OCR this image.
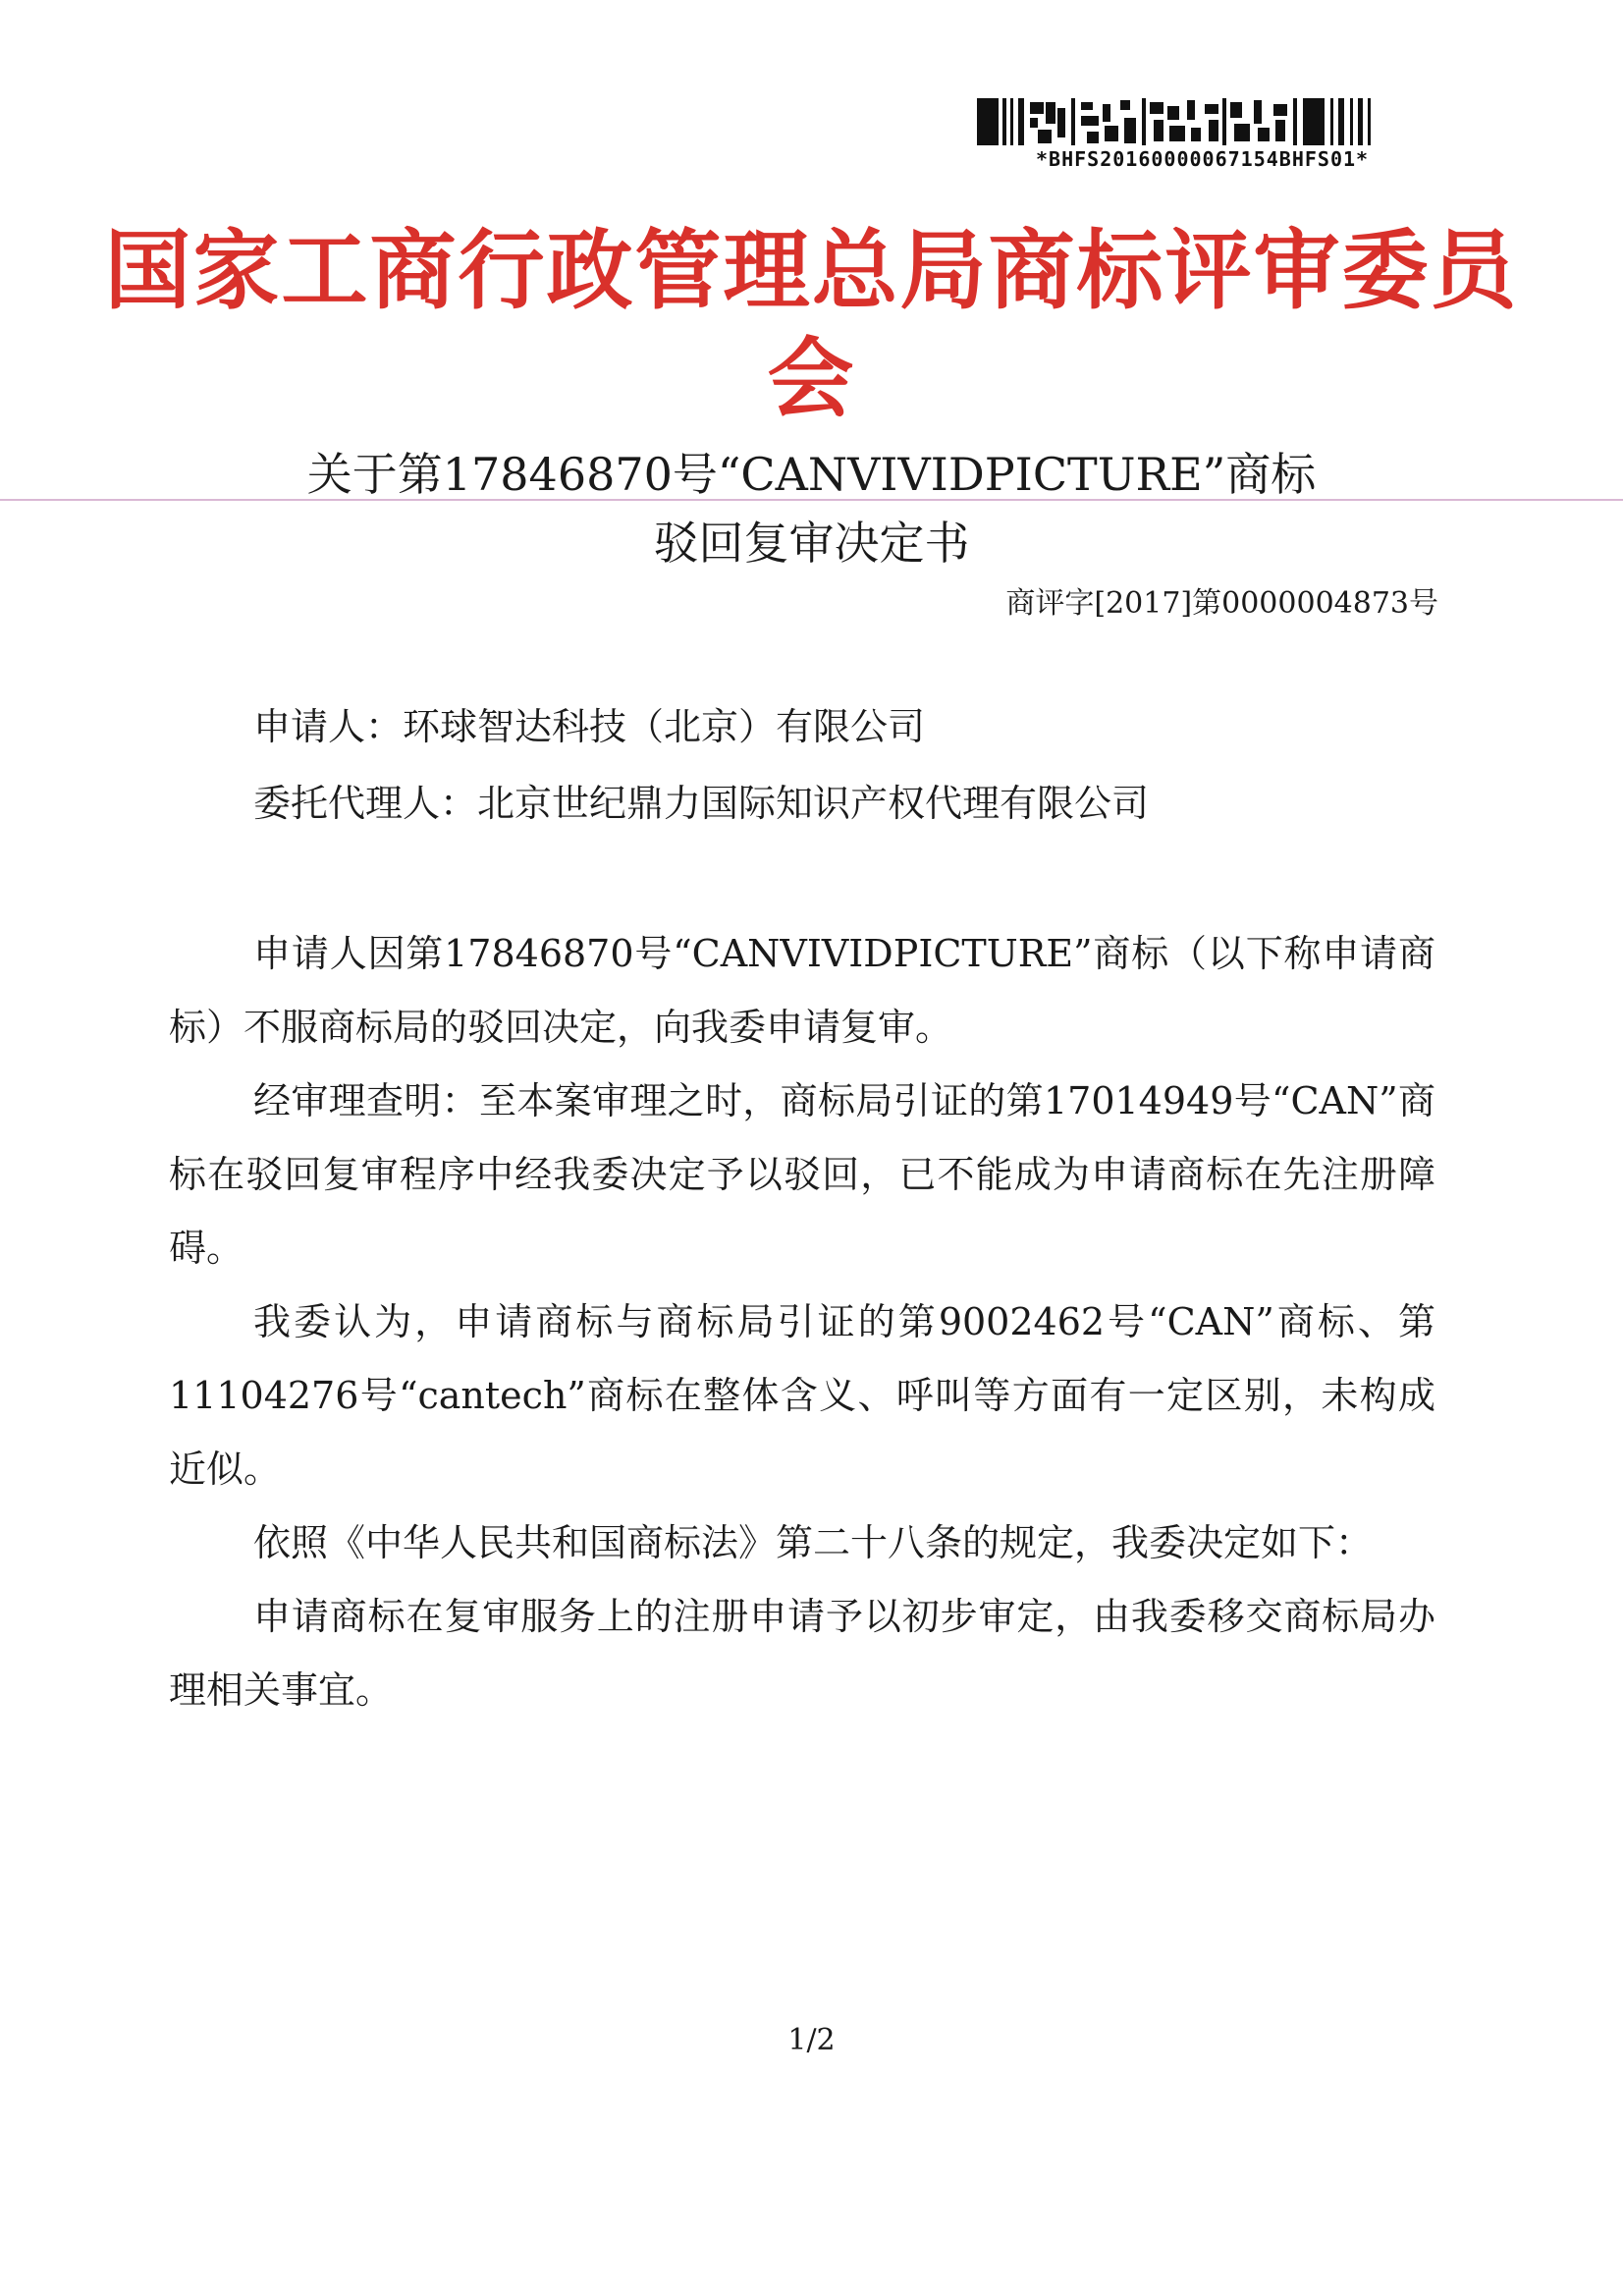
*BHFS20160000067154BHFS01*
国家工商行政管理总局商标评审委员会
关于第17846870号“CANVIVIDPICTURE”商标
驳回复审决定书
商评字[2017]第0000004873号
申请人：环球智达科技（北京）有限公司
委托代理人：北京世纪鼎力国际知识产权代理有限公司

申请人因第17846870号“CANVIVIDPICTURE”商标（以下称申请商标）不服商标局的驳回决定，向我委申请复审。

经审理查明：至本案审理之时，商标局引证的第17014949号“CAN”商标在驳回复审程序中经我委决定予以驳回，已不能成为申请商标在先注册障碍。

我委认为，申请商标与商标局引证的第9002462号“CAN”商标、第11104276号“cantech”商标在整体含义、呼叫等方面有一定区别，未构成近似。

依照《中华人民共和国商标法》第二十八条的规定，我委决定如下：

申请商标在复审服务上的注册申请予以初步审定，由我委移交商标局办理相关事宜。

1/2
